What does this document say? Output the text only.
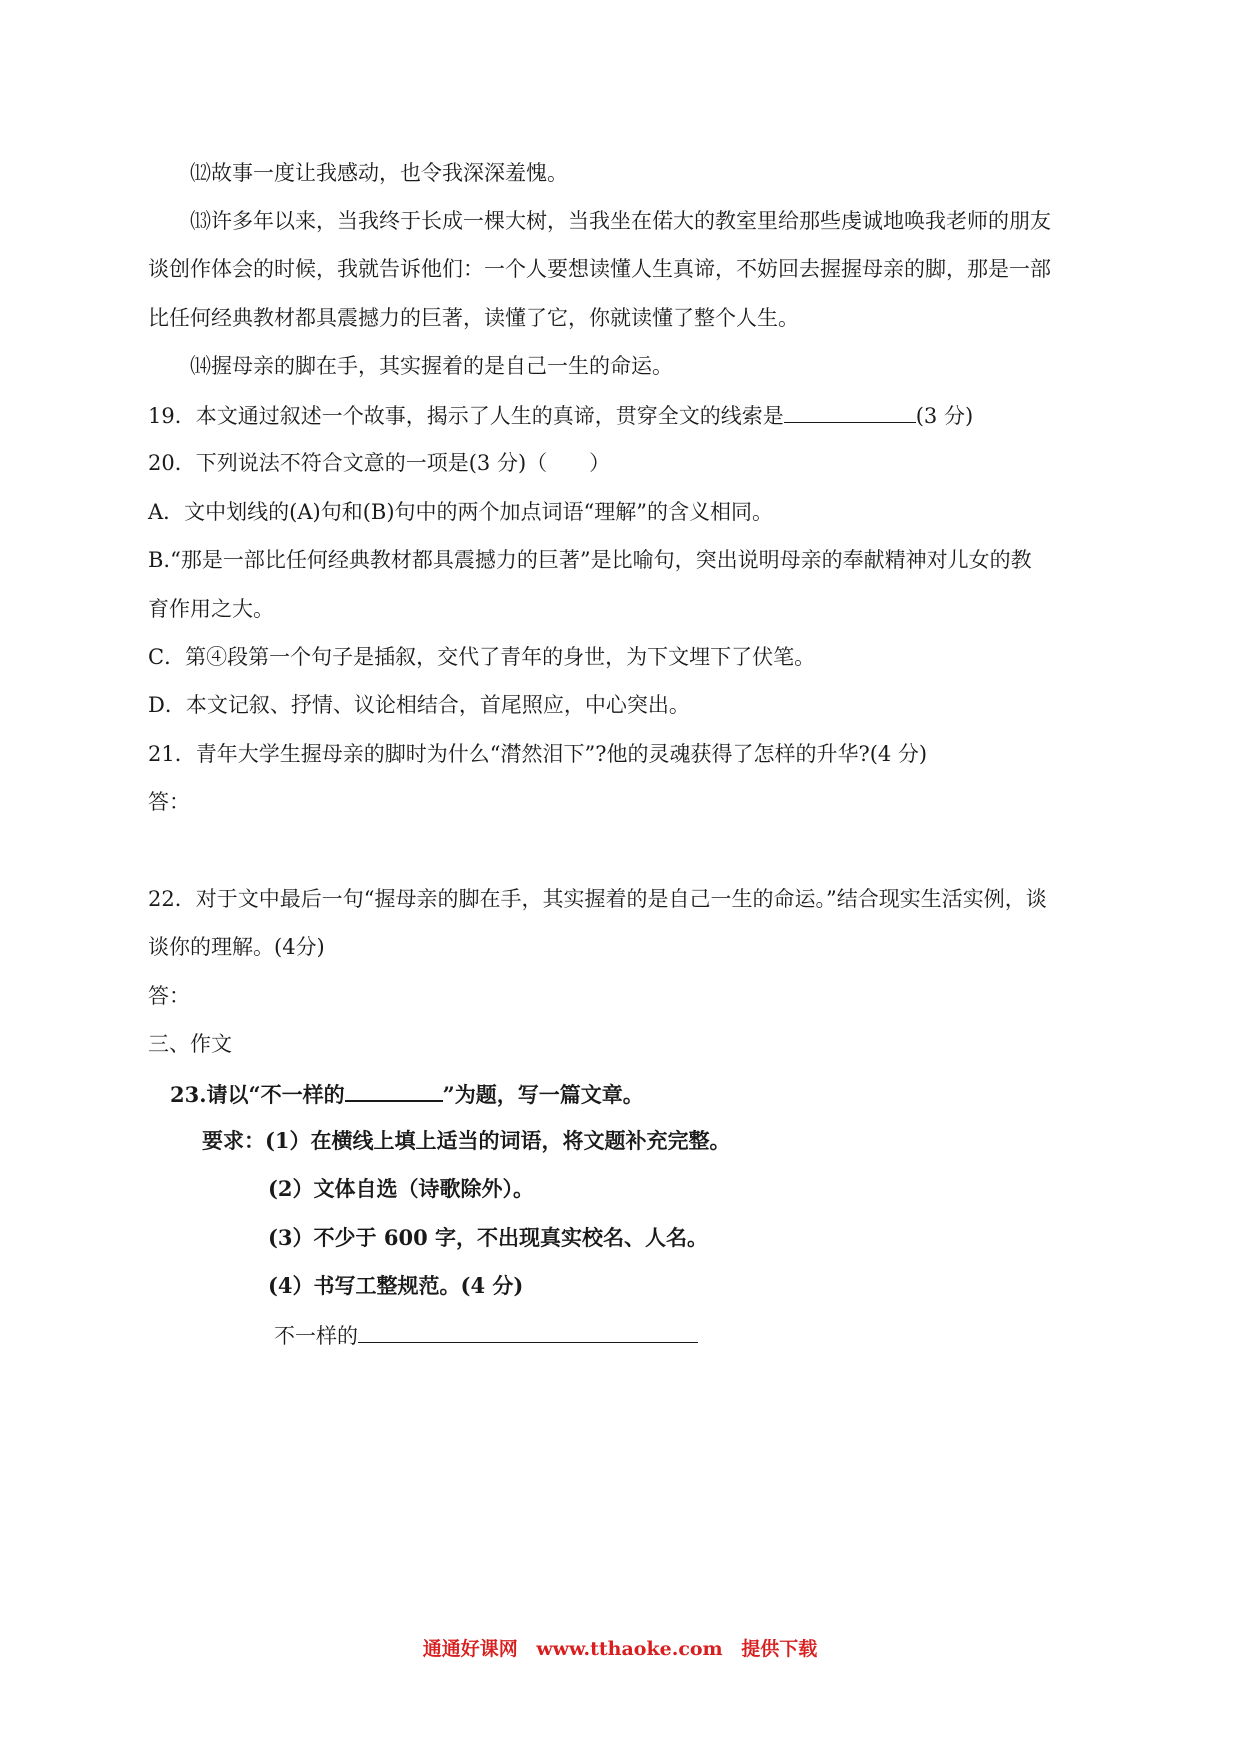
⑿故事一度让我感动，也令我深深羞愧。
⒀许多年以来，当我终于长成一棵大树，当我坐在偌大的教室里给那些虔诚地唤我老师的朋友
谈创作体会的时候，我就告诉他们：一个人要想读懂人生真谛，不妨回去握握母亲的脚，那是一部
比任何经典教材都具震撼力的巨著，读懂了它，你就读懂了整个人生。
⒁握母亲的脚在手，其实握着的是自己一生的命运。
19．本文通过叙述一个故事，揭示了人生的真谛，贯穿全文的线索是	(3 分)
20．下列说法不符合文意的一项是(3 分)（　　）
A．文中划线的(A)句和(B)句中的两个加点词语“理解”的含义相同。
B.“那是一部比任何经典教材都具震撼力的巨著”是比喻句，突出说明母亲的奉献精神对儿女的教
育作用之大。
C．第④段第一个句子是插叙，交代了青年的身世，为下文埋下了伏笔。
D．本文记叙、抒情、议论相结合，首尾照应，中心突出。
21．青年大学生握母亲的脚时为什么“潸然泪下”?他的灵魂获得了怎样的升华?(4 分)
答：
22．对于文中最后一句“握母亲的脚在手，其实握着的是自己一生的命运。”结合现实生活实例，谈
谈你的理解。(4分)
答：
三、作文
23.请以“不一样的	”为题，写一篇文章。
要求：(1）在横线上填上适当的词语，将文题补充完整。
(2）文体自选（诗歌除外）。
(3）不少于 600 字，不出现真实校名、人名。
(4）书写工整规范。(4 分)
不一样的
通通好课网 www.tthaoke.com 提供下载
